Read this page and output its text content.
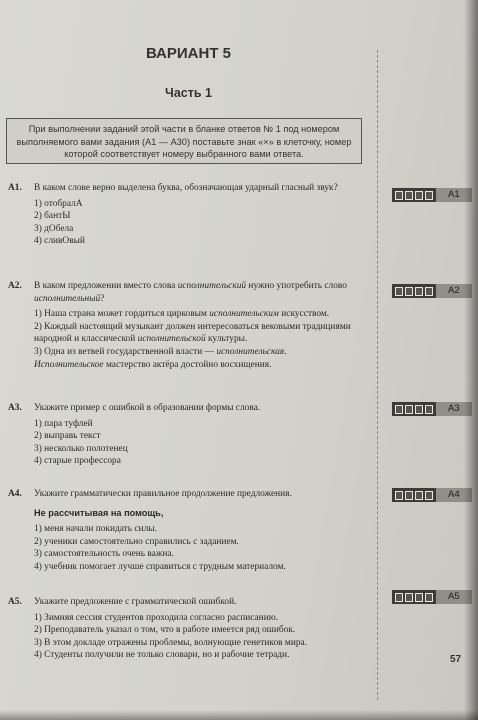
ВАРИАНТ 5
Часть 1
При выполнении заданий этой части в бланке ответов № 1 под номером выполняемого вами задания (А1 — А30) поставьте знак «×» в клеточку, номер которой соответствует номеру выбранного вами ответа.
А1.	В каком слове верно выделена буква, обозначающая ударный гласный звук?
1) отобралА
2) бантЫ
3) дОбела
4) сливОвый
А2.	В каком предложении вместо слова исполнительский нужно употребить слово исполнительный?
1) Наша страна может гордиться цирковым исполнительским искусством.
2) Каждый настоящий музыкант должен интересоваться вековыми традициями народной и классической исполнительской культуры.
3) Одна из ветвей государственной власти — исполнительская.
Исполнительское мастерство актёра достойно восхищения.
А3.	Укажите пример с ошибкой в образовании формы слова.
1) пара туфлей
2) выправь текст
3) несколько полотенец
4) старые профессора
А4.	Укажите грамматически правильное продолжение предложения.
Не рассчитывая на помощь,
1) меня начали покидать силы.
2) ученики самостоятельно справились с заданием.
3) самостоятельность очень важна.
4) учебник помогает лучше справиться с трудным материалом.
А5.	Укажите предложение с грамматической ошибкой.
1) Зимняя сессия студентов проходила согласно расписанию.
2) Преподаватель указал о том, что в работе имеется ряд ошибок.
3) В этом докладе отражены проблемы, волнующие генетиков мира.
4) Студенты получили не только словари, но и рабочие тетради.
A1
A2
A3
A4
A5
57
